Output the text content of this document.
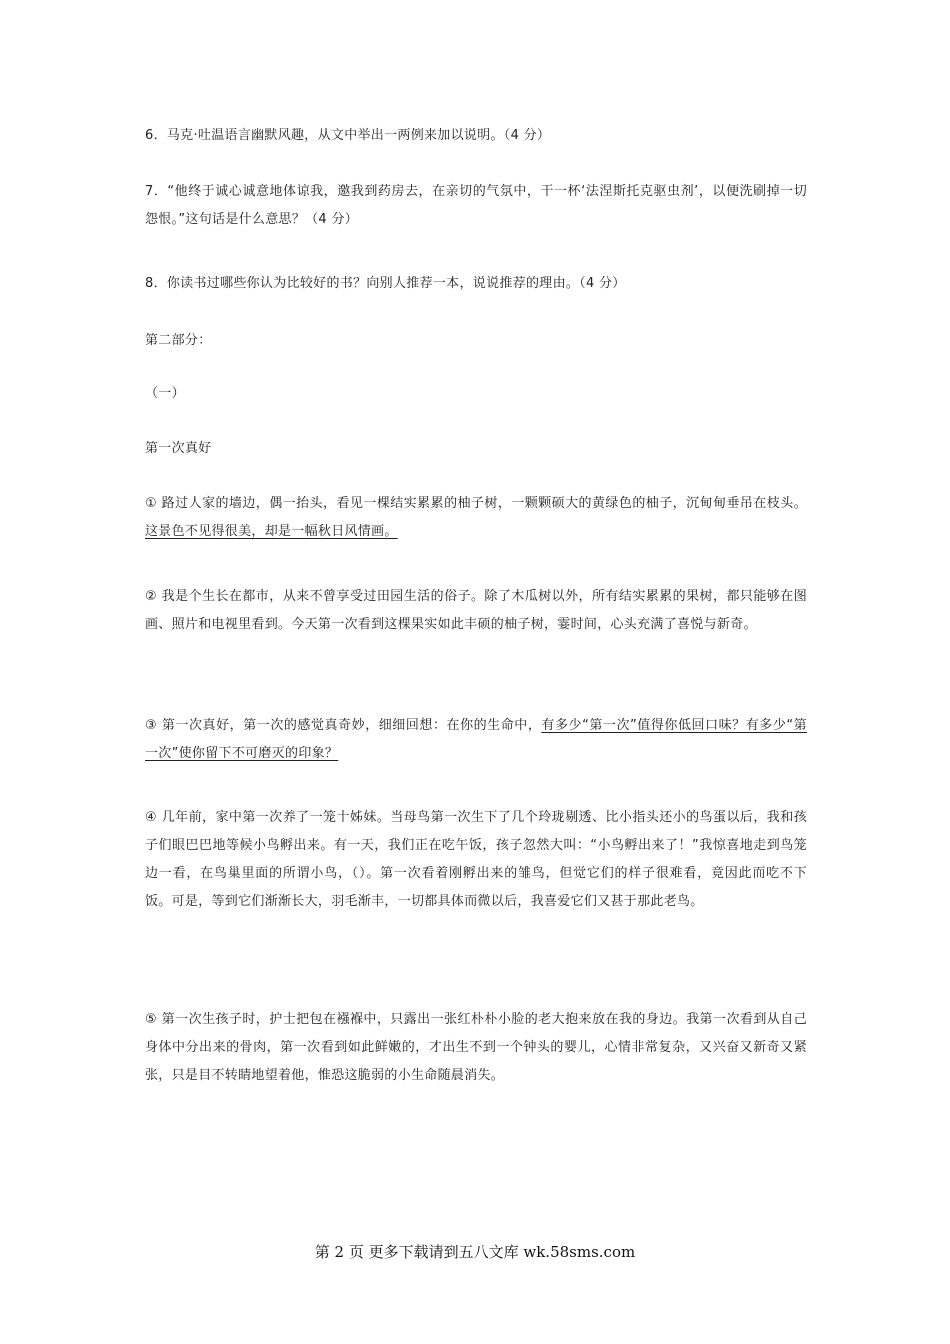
6．马克·吐温语言幽默风趣，从文中举出一两例来加以说明。（4 分）

7．“他终于诚心诚意地体谅我，邀我到药房去，在亲切的气氛中，干一杯‘法涅斯托克驱虫剂’，以便洗刷掉一切怨恨。”这句话是什么意思？（4 分）

8．你读书过哪些你认为比较好的书？向别人推荐一本，说说推荐的理由。（4 分）

第二部分：

（一）

第一次真好

① 路过人家的墙边，偶一抬头，看见一棵结实累累的柚子树，一颗颗硕大的黄绿色的柚子，沉甸甸垂吊在枝头。这景色不见得很美，却是一幅秋日风情画。

② 我是个生长在都市，从来不曾享受过田园生活的俗子。除了木瓜树以外，所有结实累累的果树，都只能够在图画、照片和电视里看到。今天第一次看到这棵果实如此丰硕的柚子树，霎时间，心头充满了喜悦与新奇。

③ 第一次真好，第一次的感觉真奇妙，细细回想：在你的生命中，有多少“第一次”值得你低回口味？有多少“第一次”使你留下不可磨灭的印象？

④ 几年前，家中第一次养了一笼十姊妹。当母鸟第一次生下了几个玲珑剔透、比小指头还小的鸟蛋以后，我和孩子们眼巴巴地等候小鸟孵出来。有一天，我们正在吃午饭，孩子忽然大叫：“小鸟孵出来了！”我惊喜地走到鸟笼边一看，在鸟巢里面的所谓小鸟，（）。第一次看着刚孵出来的雏鸟，但觉它们的样子很难看，竟因此而吃不下饭。可是，等到它们渐渐长大，羽毛渐丰，一切都具体而微以后，我喜爱它们又甚于那此老鸟。

⑤ 第一次生孩子时，护士把包在襁褓中，只露出一张红朴朴小脸的老大抱来放在我的身边。我第一次看到从自己身体中分出来的骨肉，第一次看到如此鲜嫩的，才出生不到一个钟头的婴儿，心情非常复杂，又兴奋又新奇又紧张，只是目不转睛地望着他，惟恐这脆弱的小生命随晨消失。

第 2 页 更多下载请到五八文库 wk.58sms.com
